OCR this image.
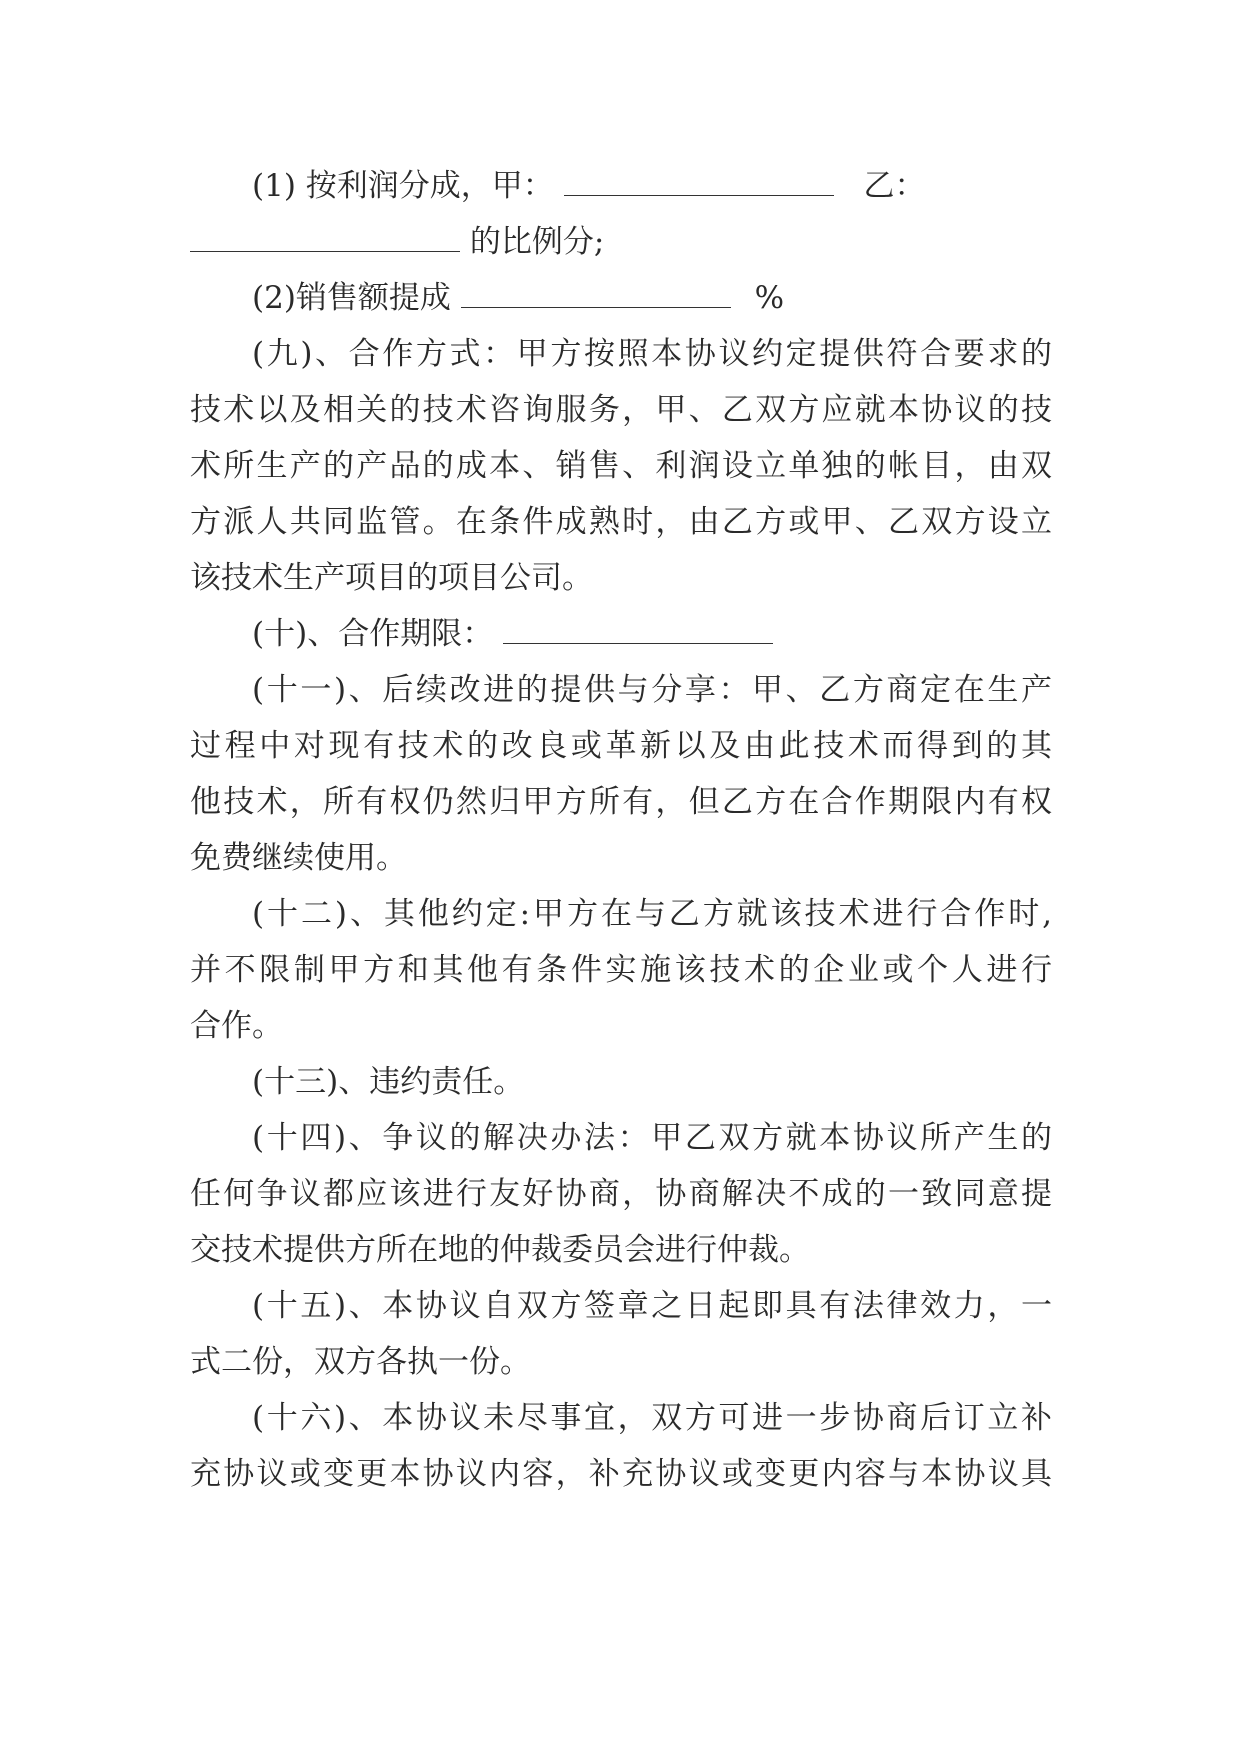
(1) 按利润分成，甲：	乙：
的比例分;
(2)销售额提成	%
(九)、合作方式：甲方按照本协议约定提供符合要求的
技术以及相关的技术咨询服务，甲、乙双方应就本协议的技
术所生产的产品的成本、销售、利润设立单独的帐目，由双
方派人共同监管。在条件成熟时，由乙方或甲、乙双方设立
该技术生产项目的项目公司。
(十)、合作期限：
(十一)、后续改进的提供与分享：甲、乙方商定在生产
过程中对现有技术的改良或革新以及由此技术而得到的其
他技术，所有权仍然归甲方所有，但乙方在合作期限内有权
免费继续使用。
(十二)、其他约定:甲方在与乙方就该技术进行合作时,
并不限制甲方和其他有条件实施该技术的企业或个人进行
合作。
(十三)、违约责任。
(十四)、争议的解决办法：甲乙双方就本协议所产生的
任何争议都应该进行友好协商，协商解决不成的一致同意提
交技术提供方所在地的仲裁委员会进行仲裁。
(十五)、本协议自双方签章之日起即具有法律效力，一
式二份，双方各执一份。
(十六)、本协议未尽事宜，双方可进一步协商后订立补
充协议或变更本协议内容，补充协议或变更内容与本协议具
